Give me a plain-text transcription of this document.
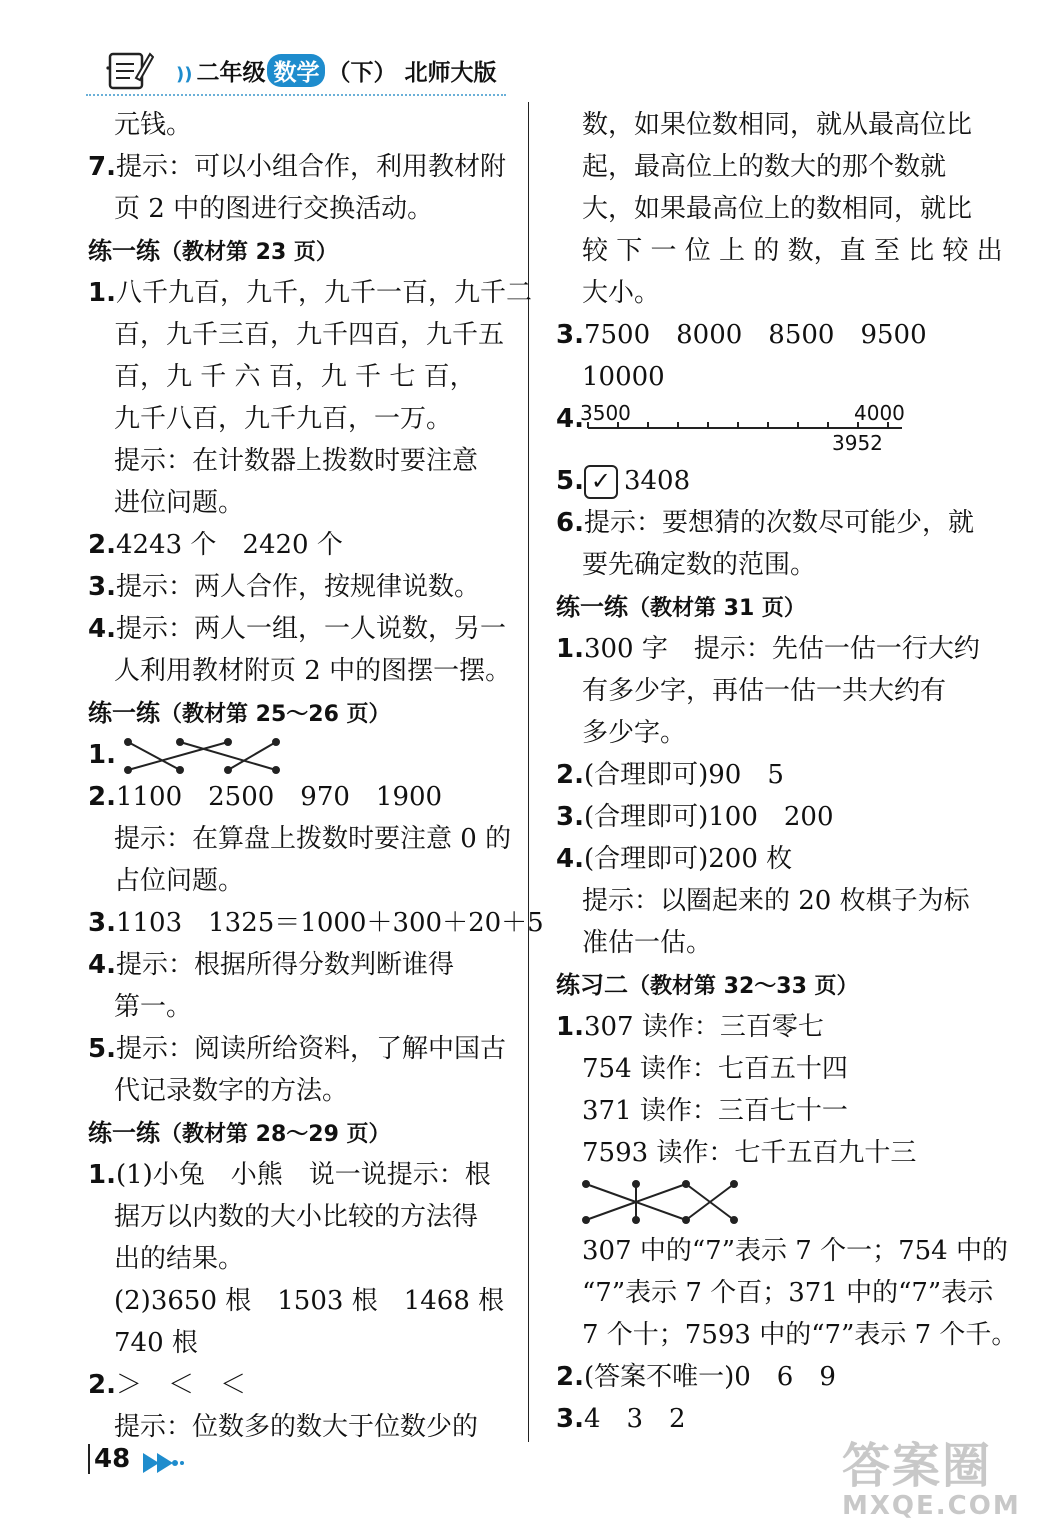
)) 二年级 数学 （下） 北师大版
元钱。
7.提示：可以小组合作，利用教材附
页 2 中的图进行交换活动。
练一练（教材第 23 页）
1.八千九百，九千，九千一百，九千二
百，九千三百，九千四百，九千五
百，九 千 六 百，九 千 七 百，
九千八百，九千九百，一万。
提示：在计数器上拨数时要注意
进位问题。
2.4243 个　2420 个
3.提示：两人合作，按规律说数。
4.提示：两人一组，一人说数，另一
人利用教材附页 2 中的图摆一摆。
练一练（教材第 25～26 页）
1.
2.1100　2500　970　1900
提示：在算盘上拨数时要注意 0 的
占位问题。
3.1103　1325＝1000＋300＋20＋5
4.提示：根据所得分数判断谁得
第一。
5.提示：阅读所给资料，了解中国古
代记录数字的方法。
练一练（教材第 28～29 页）
1.(1)小兔　小熊　说一说提示：根
据万以内数的大小比较的方法得
出的结果。
(2)3650 根　1503 根　1468 根
740 根
2.＞　＜　＜
提示：位数多的数大于位数少的
数，如果位数相同，就从最高位比
起，最高位上的数大的那个数就
大，如果最高位上的数相同，就比
较 下 一 位 上 的 数，直 至 比 较 出
大小。
3.7500　8000　8500　9500
10000
4.
3500	4000
3952
5. ✓ 3408
6.提示：要想猜的次数尽可能少，就
要先确定数的范围。
练一练（教材第 31 页）
1.300 字　提示：先估一估一行大约
有多少字，再估一估一共大约有
多少字。
2.(合理即可)90　5
3.(合理即可)100　200
4.(合理即可)200 枚
提示：以圈起来的 20 枚棋子为标
准估一估。
练习二（教材第 32～33 页）
1.307 读作：三百零七
754 读作：七百五十四
371 读作：三百七十一
7593 读作：七千五百九十三
307 中的“7”表示 7 个一；754 中的
“7”表示 7 个百；371 中的“7”表示
7 个十；7593 中的“7”表示 7 个千。
2.(答案不唯一)0　6　9
3.4　3　2
48	答案圈
MXQE.COM
